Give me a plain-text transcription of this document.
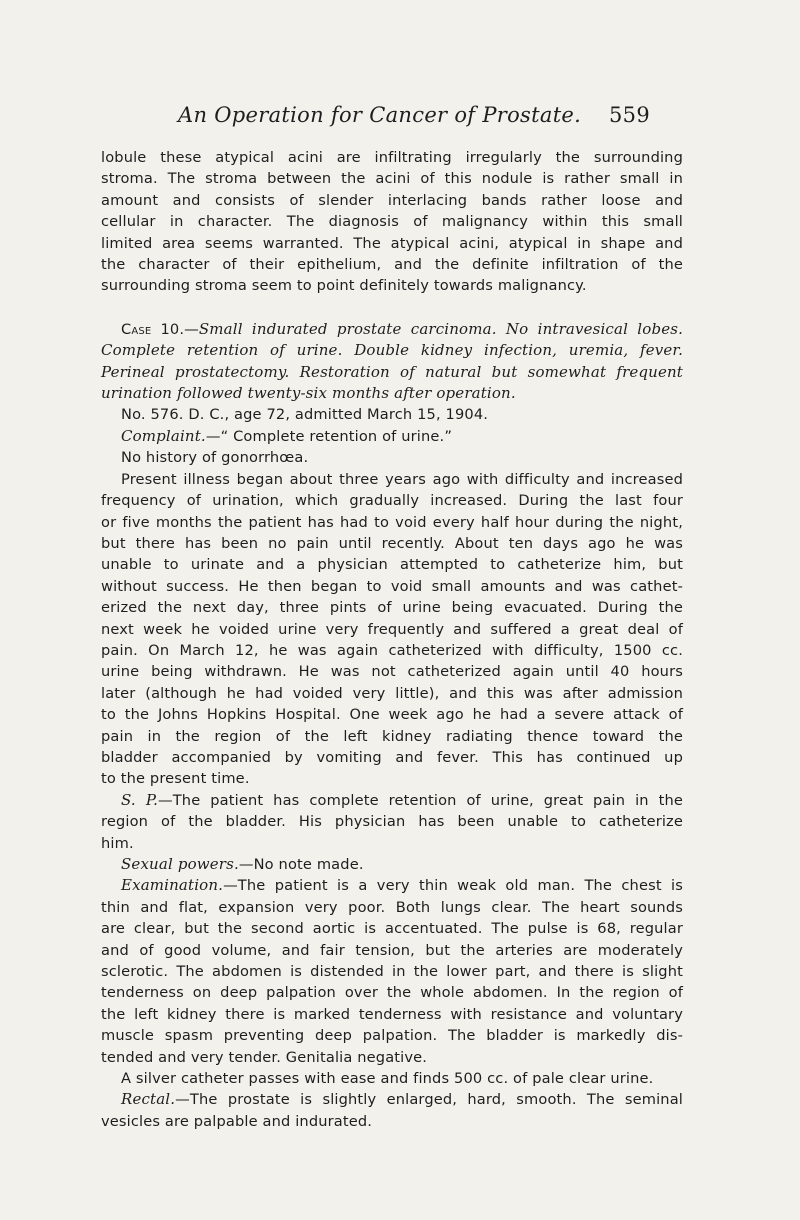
An Operation for Cancer of Prostate. 559
lobule these atypical acini are infiltrating irregularly the surrounding
stroma. The stroma between the acini of this nodule is rather small in
amount and consists of slender interlacing bands rather loose and
cellular in character. The diagnosis of malignancy within this small
limited area seems warranted. The atypical acini, atypical in shape and
the character of their epithelium, and the definite infiltration of the
surrounding stroma seem to point definitely towards malignancy.
Case 10.—Small indurated prostate carcinoma. No intravesical lobes.
Complete retention of urine. Double kidney infection, uremia, fever.
Perineal prostatectomy. Restoration of natural but somewhat frequent
urination followed twenty-six months after operation.
No. 576. D. C., age 72, admitted March 15, 1904.
Complaint.—“ Complete retention of urine.”
No history of gonorrhœa.
Present illness began about three years ago with difficulty and increased
frequency of urination, which gradually increased. During the last four
or five months the patient has had to void every half hour during the night,
but there has been no pain until recently. About ten days ago he was
unable to urinate and a physician attempted to catheterize him, but
without success. He then began to void small amounts and was cathet-
erized the next day, three pints of urine being evacuated. During the
next week he voided urine very frequently and suffered a great deal of
pain. On March 12, he was again catheterized with difficulty, 1500 cc.
urine being withdrawn. He was not catheterized again until 40 hours
later (although he had voided very little), and this was after admission
to the Johns Hopkins Hospital. One week ago he had a severe attack of
pain in the region of the left kidney radiating thence toward the
bladder accompanied by vomiting and fever. This has continued up
to the present time.
S. P.—The patient has complete retention of urine, great pain in the
region of the bladder. His physician has been unable to catheterize
him.
Sexual powers.—No note made.
Examination.—The patient is a very thin weak old man. The chest is
thin and flat, expansion very poor. Both lungs clear. The heart sounds
are clear, but the second aortic is accentuated. The pulse is 68, regular
and of good volume, and fair tension, but the arteries are moderately
sclerotic. The abdomen is distended in the lower part, and there is slight
tenderness on deep palpation over the whole abdomen. In the region of
the left kidney there is marked tenderness with resistance and voluntary
muscle spasm preventing deep palpation. The bladder is markedly dis-
tended and very tender. Genitalia negative.
A silver catheter passes with ease and finds 500 cc. of pale clear urine.
Rectal.—The prostate is slightly enlarged, hard, smooth. The seminal
vesicles are palpable and indurated.
